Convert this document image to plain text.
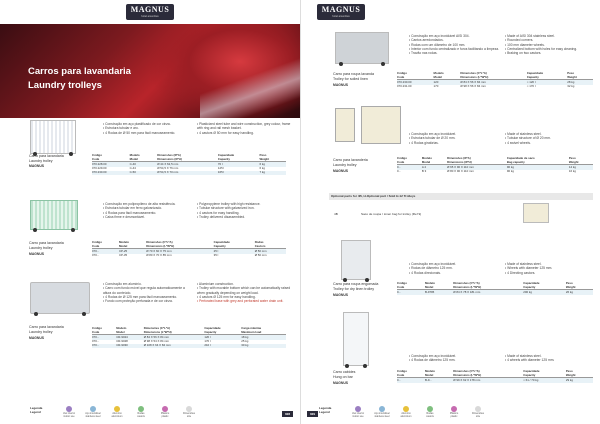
MAGNUS
hotel amenities
Carros para lavandaria
Laundry trolleys
• Construção em aço plastificado de cor cinza.
• Estrutura tubular e aro.
• 4 Rodas de Ø 50 mm para fácil manuseamento.
• Plasticized steel tube and wire construction, grey colour, frame with ring and rail mesh basket.
• 4 castors Ø 50 mm for easy handling.
Carro para lavandaria
Laundry trolley
MAGNUS
Código
Code	Modelo
Model	Dimensões (Ø*A)
Dimensions (Ø*H)	Capacidade
Capacity	Peso
Weight
070.228.00	C-40	Ø 44 X 62,5 mm	70 l	6 kg
070.229.00	C-44	Ø 54,5 X 76 mm	125 l	6 kg
070.230.00	C-50	Ø 54,5 X 70 mm	165 l	7 kg
• Construção em polipropileno de alta resistência.
• Estrutura tubular em ferro galvanizado.
• 4 Rodas para fácil manuseamento.
• Caixa firme e desmontável.
• Polypropylene trolley with high resistance.
• Tubular structure with galvanized iron.
• 4 castors for easy handling.
• Trolley delivered disassembled.
Carro para lavandaria
Laundry trolley
MAGNUS
Código
Code	Modelo
Model	Dimensões (C*L*A)
Dimensions (L*W*H)	Capacidade
Capacity	Rodas
Castors
070...	CP-25	Ø 70 X 60 X 75 mm	25 l	Ø 50 mm
070...	CP-35	Ø 80 X 70 X 85 mm	35 l	Ø 50 mm
• Construção em alumínio.
• Carro com fundo móvel que regula automaticamente a altura do conteúdo.
• 4 Rodas de Ø 125 mm para fácil manuseamento.
• Fundo com proteção perfurada e de cor cinza.
• Aluminium construction.
• Trolley with movable bottom which can be automatically raised when gradually depending on weight load.
• 4 castors Ø 125 mm for easy handling.
• Perforated base with grey and perforated water drain unit.
Carro para lavandaria
Laundry trolley
MAGNUS
Código
Code	Modelo
Model	Dimensões (C*L*A)
Dimensions (L*W*H)	Capacidade
Capacity	Carga máxima
Maximum load
070...	CR-9024	Ø 84 X 56 X 84 mm	120 l	18 kg
070...	CR-9028	Ø 98 X 54 X 84 mm	170 l	25 kg
070...	CR-9030	Ø 108 X 64 X 84 mm	210 l	30 kg
Legenda
Legend	Uso interior
indoor use
Aço inoxidável
stainless steel
Alumínio
aluminium
Rodas
castors
Plástico
plastic
Dimensões
size
028
MAGNUS
hotel amenities
• Construção em aço inoxidável AISI 304.
• Cantos arredondados.
• Rodas com um diâmetro de 100 mm.
• Interior com fundo centralizado e furos facilitando a limpeza.
• Travão nas rodas.
• Made of AISI 304 stainless steel.
• Rounded corners.
• 100 mm diameter wheels.
• Centralized bottom with holes for easy cleaning.
• Braking on two castors.
Carro para roupa lavanda
Trolley for soiled linen
MAGNUS
Código
Code	Modelo
Model	Dimensões (C*L*A)
Dimensions (L*W*H)	Capacidade
Capacity	Peso
Weight
070.230.00	120	Ø 84 X 56 X 84 mm	≈ 120 l	28 kg
070.231.00	170	Ø 98 X 56 X 84 mm	≈ 170 l	32 kg
• Construção em aço inoxidável.
• Estrutura tubular de Ø 20 mm.
• 4 Rodas giratórias.
• Made of stainless steel.
• Tubular structure of Ø 20 mm.
• 4 swivel wheels.
Carro para lavanderia
Laundry trolley
MAGNUS
Código
Code	Modelo
Model	Dimensões (Ø*A)
Dimensions (Ø*H)	Capacidade de saco
Bag capacity	Peso
Weight
0...	A 2	Ø 65 X 90 X 110 mm	90 kg	14 kg
0...	B 3	Ø 80 X 90 X 110 mm	90 kg	16 kg
Optional parts for 4B, H-Optional part / Sold H-12 Trolleys
4B	Saco de roupa / Linen bag for trolley (Ref 9)
• Construção em aço inoxidável.
• Rodas de diâmetro 125 mm.
• 4 Rodas direcionais.
• Made of stainless steel.
• Wheels with diameter 125 mm.
• 4 Directing castors.
Carro para roupa engomada
Trolley for dry linen trolley
MAGNUS
Código
Code	Modelo
Model	Dimensões (C*L*A)
Dimensions (L*W*H)	Capacidade
Capacity	Peso
Weight
0...	B-9795	Ø 84 X 78 X 181 mm	200 kg	26 kg
• Construção em aço inoxidável.
• 4 Rodas de diâmetro 125 mm.
• Made of stainless steel.
• 4 wheels with diameter 125 mm.
Carro cabides
Hung on bar
MAGNUS
Código
Code	Modelo
Model	Dimensões (C*L*A)
Dimensions (L*W*H)	Capacidade
Capacity	Peso
Weight
0...	B-9...	Ø 99 X 62 X 178 mm	≈ 61 / 70 kg	29 kg
Legenda
Legend	Uso interior
indoor use
Aço inoxidável
stainless steel
Alumínio
aluminium
Rodas
castors
Plástico
plastic
Dimensões
size
029
